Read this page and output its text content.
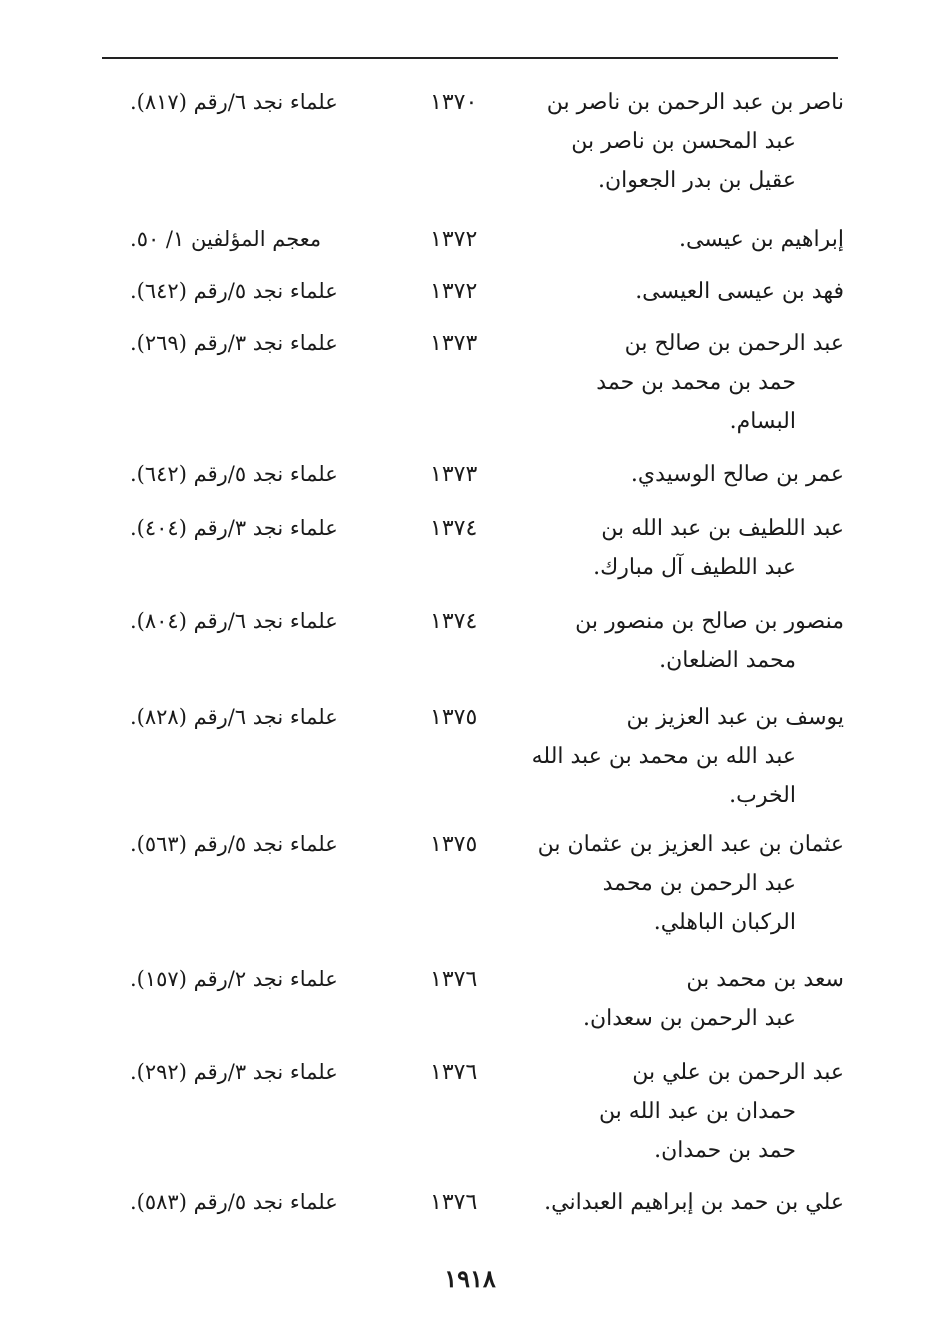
ناصر بن عبد الرحمن بن ناصر بن
عبد المحسن بن ناصر بن
عقيل بن بدر الجعوان.
١٣٧٠
علماء نجد ٦/رقم (٨١٧).
إبراهيم بن عيسى.
١٣٧٢
معجم المؤلفين ١/ ٥٠.
فهد بن عيسى العيسى.
١٣٧٢
علماء نجد ٥/رقم (٦٤٢).
عبد الرحمن بن صالح بن
حمد بن محمد بن حمد
البسام.
١٣٧٣
علماء نجد ٣/رقم (٢٦٩).
عمر بن صالح الوسيدي.
١٣٧٣
علماء نجد ٥/رقم (٦٤٢).
عبد اللطيف بن عبد الله بن
عبد اللطيف آل مبارك.
١٣٧٤
علماء نجد ٣/رقم (٤٠٤).
منصور بن صالح بن منصور بن
محمد الضلعان.
١٣٧٤
علماء نجد ٦/رقم (٨٠٤).
يوسف بن عبد العزيز بن
عبد الله بن محمد بن عبد الله
الخرب.
١٣٧٥
علماء نجد ٦/رقم (٨٢٨).
عثمان بن عبد العزيز بن عثمان بن
عبد الرحمن بن محمد
الركبان الباهلي.
١٣٧٥
علماء نجد ٥/رقم (٥٦٣).
سعد بن محمد بن
عبد الرحمن بن سعدان.
١٣٧٦
علماء نجد ٢/رقم (١٥٧).
عبد الرحمن بن علي بن
حمدان بن عبد الله بن
حمد بن حمدان.
١٣٧٦
علماء نجد ٣/رقم (٢٩٢).
علي بن حمد بن إبراهيم العبداني.
١٣٧٦
علماء نجد ٥/رقم (٥٨٣).
١٩١٨
